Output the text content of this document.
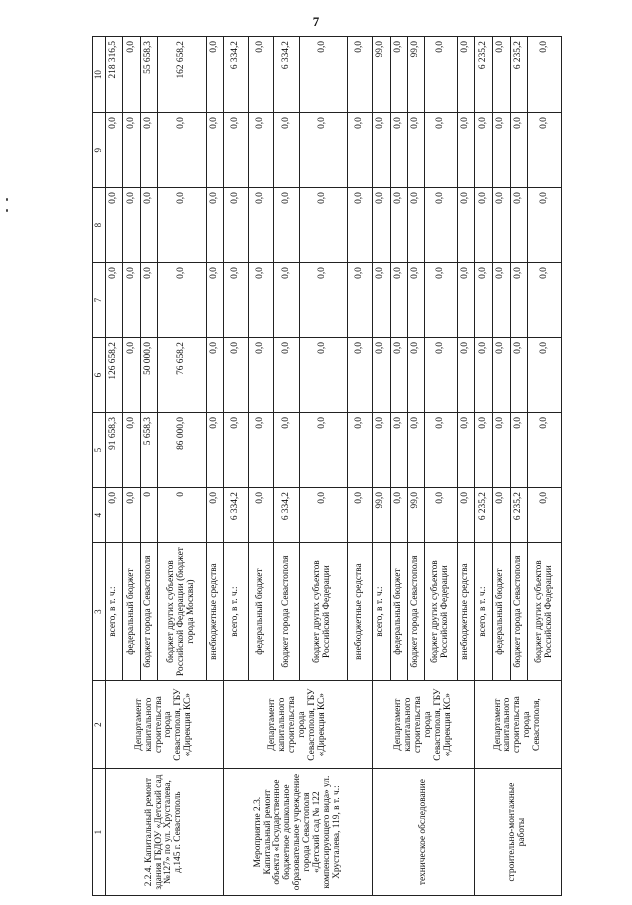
7
1	2	3	4	5	6	7	8	9	10
2.2.4. Капитальный ремонт здания ГБДОУ «Детский сад №127» по ул. Хрусталева, д.145 г. Севастополь	Департамент капитального строительства города Севастополя, ГБУ «Дирекция КС»	всего, в т. ч.:	0,0	91 658,3	126 658,2	0,0	0,0	0,0	218 316,5
		федеральный бюджет	0,0	0,0	0,0	0,0	0,0	0,0	0,0
		бюджет города Севастополя	0	5 658,3	50 000,0	0,0	0,0	0,0	55 658,3
		бюджет других субъектов Российской Федерации (бюджет города Москвы)	0	86 000,0	76 658,2	0,0	0,0	0,0	162 658,2
		внебюджетные средства	0,0	0,0	0,0	0,0	0,0	0,0	0,0
Мероприятие 2.3. Капитальный ремонт объекта «Государственное бюджетное дошкольное образовательное учреждение города Севастополя «Детский сад № 122 компенсирующего вида» ул. Хрусталева, 119, в т. ч.:	Департамент капитального строительства города Севастополя, ГБУ «Дирекция КС»	всего, в т. ч.:	6 334,2	0,0	0,0	0,0	0,0	0,0	6 334,2
		федеральный бюджет	0,0	0,0	0,0	0,0	0,0	0,0	0,0
		бюджет города Севастополя	6 334,2	0,0	0,0	0,0	0,0	0,0	6 334,2
		бюджет других субъектов Российской Федерации	0,0	0,0	0,0	0,0	0,0	0,0	0,0
		внебюджетные средства	0,0	0,0	0,0	0,0	0,0	0,0	0,0
техническое обследование	Департамент капитального строительства города Севастополя, ГБУ «Дирекция КС»	всего, в т. ч.:	99,0	0,0	0,0	0,0	0,0	0,0	99,0
		федеральный бюджет	0,0	0,0	0,0	0,0	0,0	0,0	0,0
		бюджет города Севастополя	99,0	0,0	0,0	0,0	0,0	0,0	99,0
		бюджет других субъектов Российской Федерации	0,0	0,0	0,0	0,0	0,0	0,0	0,0
		внебюджетные средства	0,0	0,0	0,0	0,0	0,0	0,0	0,0
строительно-монтажные работы	Департамент капитального строительства города Севастополя,	всего, в т. ч.:	6 235,2	0,0	0,0	0,0	0,0	0,0	6 235,2
		федеральный бюджет	0,0	0,0	0,0	0,0	0,0	0,0	0,0
		бюджет города Севастополя	6 235,2	0,0	0,0	0,0	0,0	0,0	6 235,2
		бюджет других субъектов Российской Федерации	0,0	0,0	0,0	0,0	0,0	0,0	0,0
